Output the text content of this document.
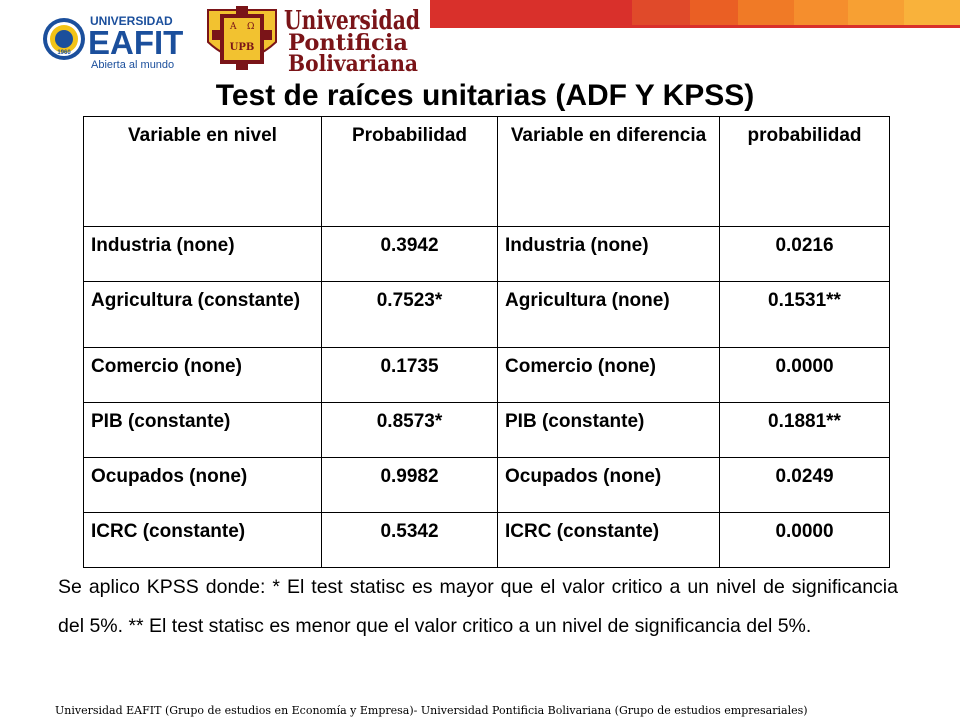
1960
UNIVERSIDAD
EAFIT
Abierta al mundo
A Ω
UPB
Universidad
Pontificia
Bolivariana
Test de raíces unitarias (ADF Y KPSS)
Variable en nivel	Probabilidad	Variable en diferencia	probabilidad
Industria (none)	0.3942	Industria (none)	0.0216
Agricultura (constante)	0.7523*	Agricultura (none)	0.1531**
Comercio (none)	0.1735	Comercio (none)	0.0000
PIB (constante)	0.8573*	PIB (constante)	0.1881**
Ocupados (none)	0.9982	Ocupados (none)	0.0249
ICRC (constante)	0.5342	ICRC (constante)	0.0000
Se aplico KPSS donde: * El test statisc es mayor que el valor critico a un nivel de significancia del 5%. ** El test statisc es menor que el valor critico a un nivel de significancia del 5%.
Universidad EAFIT (Grupo de estudios en Economía y Empresa)- Universidad Pontificia Bolivariana (Grupo de estudios empresariales)
